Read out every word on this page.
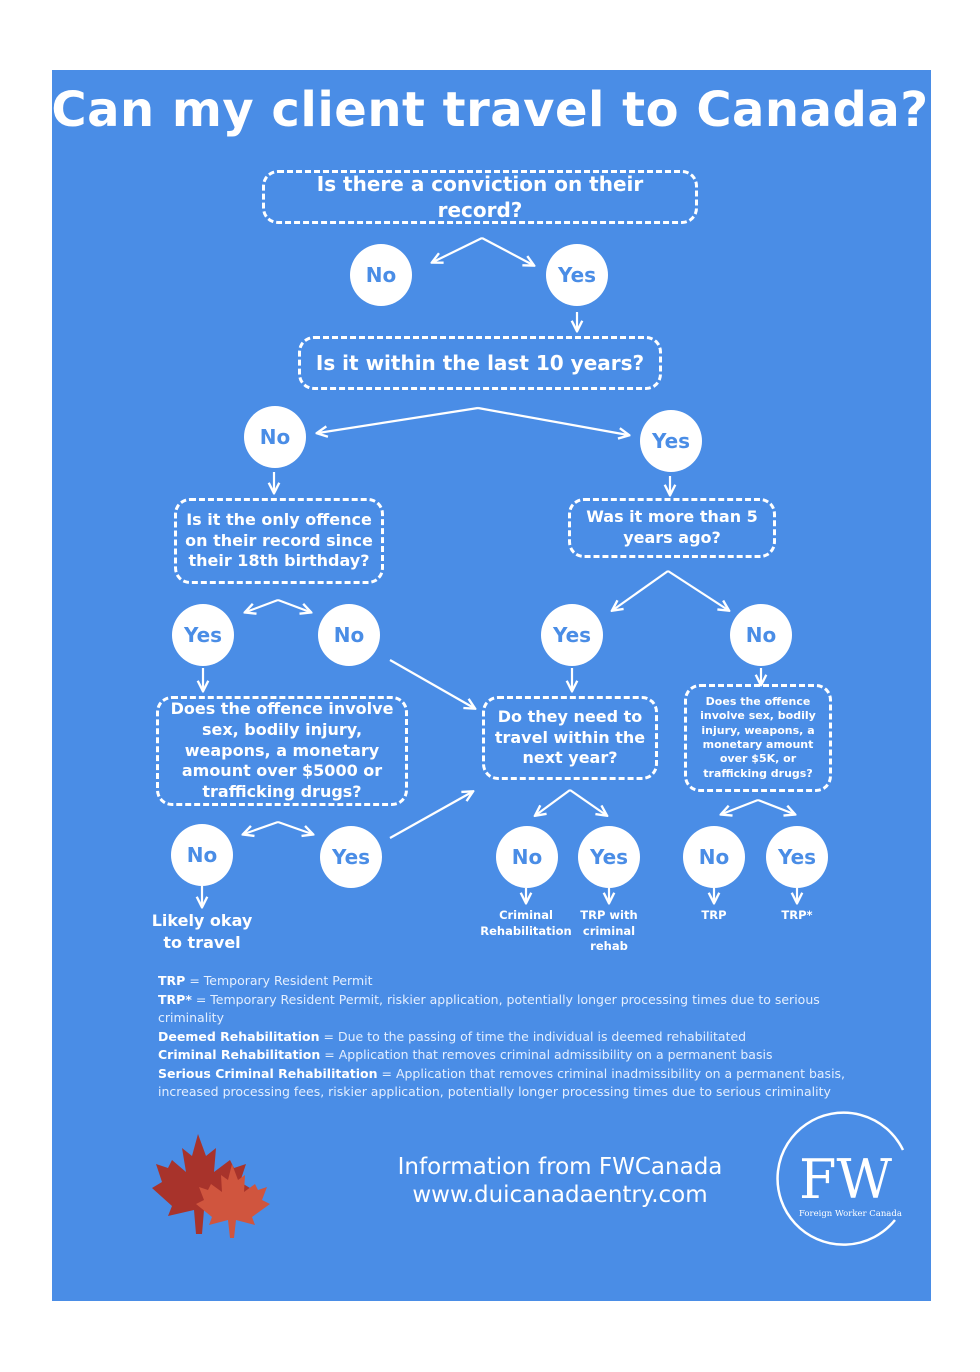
Can my client travel to Canada?
Is there a conviction on their record?
Is it within the last 10 years?
Is it the only offence on their record since their 18th birthday?
Was it more than 5 years ago?
Does the offence involve sex, bodily injury, weapons, a monetary amount over $5000 or trafficking drugs?
Do they need to travel within the next year?
Does the offence involve sex, bodily injury, weapons, a monetary amount over $5K, or trafficking drugs?
No	Yes
No	Yes
Yes	No	Yes	No
No	Yes	No	Yes	No	Yes
Likely okay to travel
Criminal Rehabilitation
TRP with criminal rehab
TRP	TRP*
TRP = Temporary Resident Permit
TRP* = Temporary Resident Permit, riskier application, potentially longer processing times due to serious criminality
Deemed Rehabilitation = Due to the passing of time the individual is deemed rehabilitated
Criminal Rehabilitation = Application that removes criminal admissibility on a permanent basis
Serious Criminal Rehabilitation = Application that removes criminal inadmissibility on a permanent basis, increased processing fees, riskier application, potentially longer processing times due to serious criminality
Information from FWCanada
www.duicanadaentry.com	FW
Foreign Worker Canada
